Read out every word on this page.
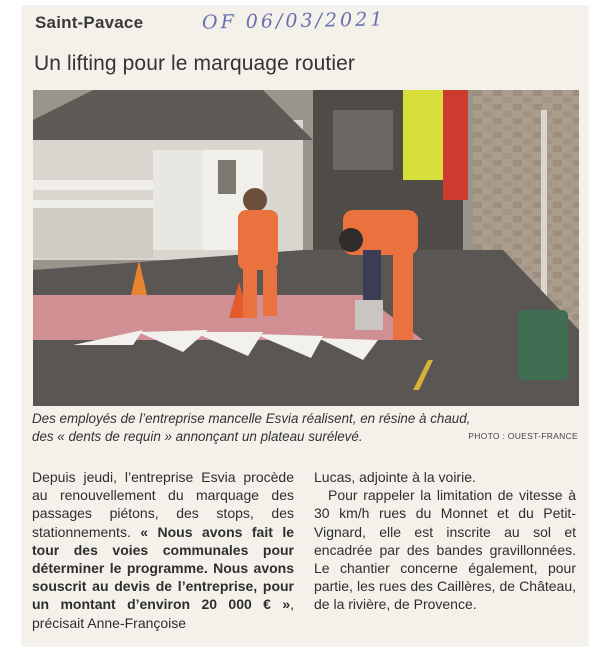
Saint-Pavace	OF 06/03/2021
Un lifting pour le marquage routier
Des employés de l’entreprise mancelle Esvia réalisent, en résine à chaud,
des « dents de requin » annonçant un plateau surélevé.	PHOTO : OUEST-FRANCE

Depuis jeudi, l’entreprise Esvia procède au renouvellement du marquage des passages piétons, des stops, des stationnements. « Nous avons fait le tour des voies communales pour déterminer le programme. Nous avons souscrit au devis de l’entreprise, pour un montant d’environ 20 000 € », précisait Anne-Françoise

Lucas, adjointe à la voirie.

Pour rappeler la limitation de vitesse à 30 km/h rues du Monnet et du Petit-Vignard, elle est inscrite au sol et encadrée par des bandes gravillonnées. Le chantier concerne également, pour partie, les rues des Caillères, de Château, de la rivière, de Provence.
